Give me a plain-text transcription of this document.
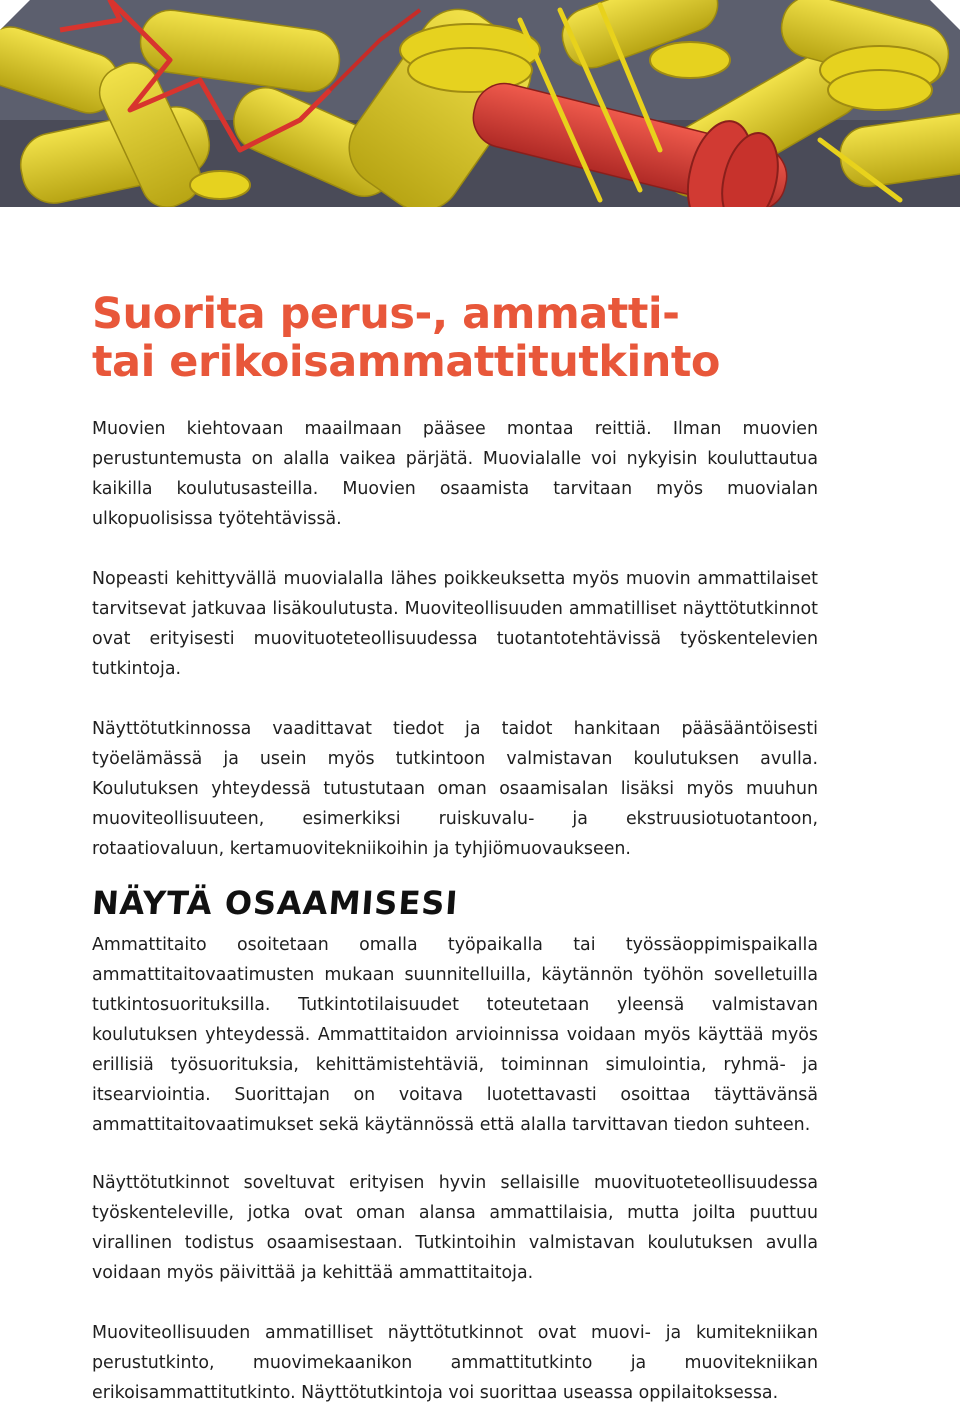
Suorita perus-, ammatti-
tai erikoisammattitutkinto

Muovien kiehtovaan maailmaan pääsee montaa reittiä. Ilman muovien perustuntemusta on alalla vaikea pärjätä. Muovialalle voi nykyisin kouluttautua kaikilla koulutusasteilla. Muovien osaamista tarvitaan myös muovialan ulkopuolisissa työtehtävissä.

Nopeasti kehittyvällä muovialalla lähes poikkeuksetta myös muovin ammattilaiset tarvitsevat jatkuvaa lisäkoulutusta. Muoviteollisuuden ammatilliset näyttötutkinnot ovat erityisesti muovituoteteollisuudessa tuotantotehtävissä työskentelevien tutkintoja.

Näyttötutkinnossa vaadittavat tiedot ja taidot hankitaan pääsääntöisesti työelämässä ja usein myös tutkintoon valmistavan koulutuksen avulla. Koulutuksen yhteydessä tutustutaan oman osaamisalan lisäksi myös muuhun muoviteollisuuteen, esimerkiksi ruiskuvalu- ja ekstruusiotuotantoon, rotaatiovaluun, kertamuovitekniikoihin ja tyhjiömuovaukseen.

NÄYTÄ OSAAMISESI

Ammattitaito osoitetaan omalla työpaikalla tai työssäoppimispaikalla ammattitaitovaatimusten mukaan suunnitelluilla, käytännön työhön sovelletuilla tutkintosuorituksilla. Tutkintotilaisuudet toteutetaan yleensä valmistavan koulutuksen yhteydessä. Ammattitaidon arvioinnissa voidaan myös käyttää myös erillisiä työsuorituksia, kehittämistehtäviä, toiminnan simulointia, ryhmä- ja itsearviointia. Suorittajan on voitava luotettavasti osoittaa täyttävänsä ammattitaitovaatimukset sekä käytännössä että alalla tarvittavan tiedon suhteen.

Näyttötutkinnot soveltuvat erityisen hyvin sellaisille muovituoteteollisuudessa työskenteleville, jotka ovat oman alansa ammattilaisia, mutta joilta puuttuu virallinen todistus osaamisestaan. Tutkintoihin valmistavan koulutuksen avulla voidaan myös päivittää ja kehittää ammattitaitoja.

Muoviteollisuuden ammatilliset näyttötutkinnot ovat muovi- ja kumitekniikan perustutkinto, muovimekaanikon ammattitutkinto ja muovitekniikan erikoisammattitutkinto. Näyttötutkintoja voi suorittaa useassa oppilaitoksessa.
